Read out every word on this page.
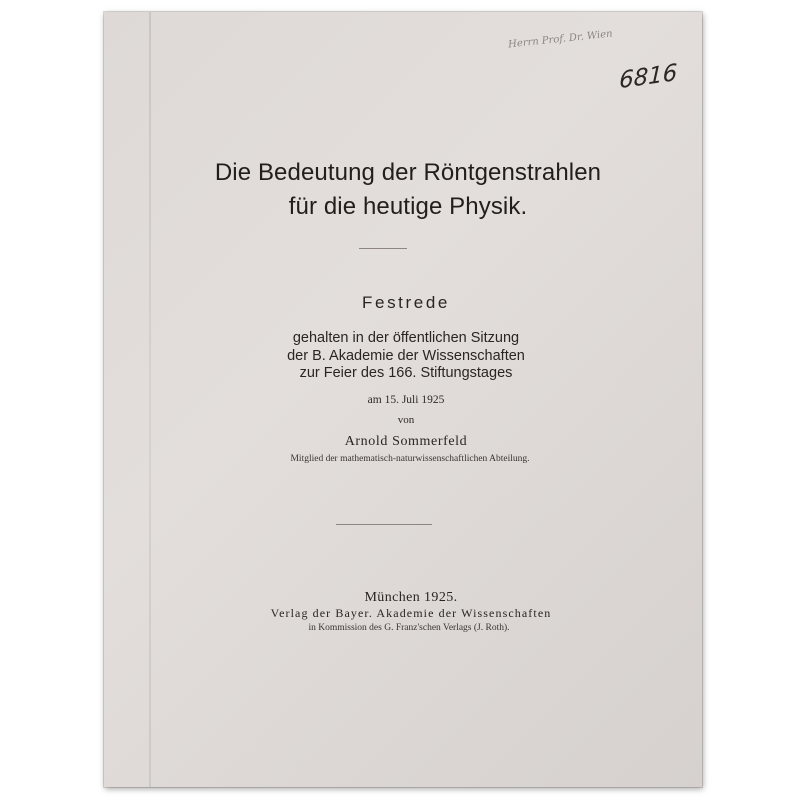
Herrn Prof. Dr. Wien
6816
Die Bedeutung der Röntgenstrahlen
für die heutige Physik.
Festrede
gehalten in der öffentlichen Sitzung
der B. Akademie der Wissenschaften
zur Feier des 166. Stiftungstages
am 15. Juli 1925
von
Arnold Sommerfeld
Mitglied der mathematisch-naturwissenschaftlichen Abteilung.
München 1925.
Verlag der Bayer. Akademie der Wissenschaften
in Kommission des G. Franz'schen Verlags (J. Roth).
